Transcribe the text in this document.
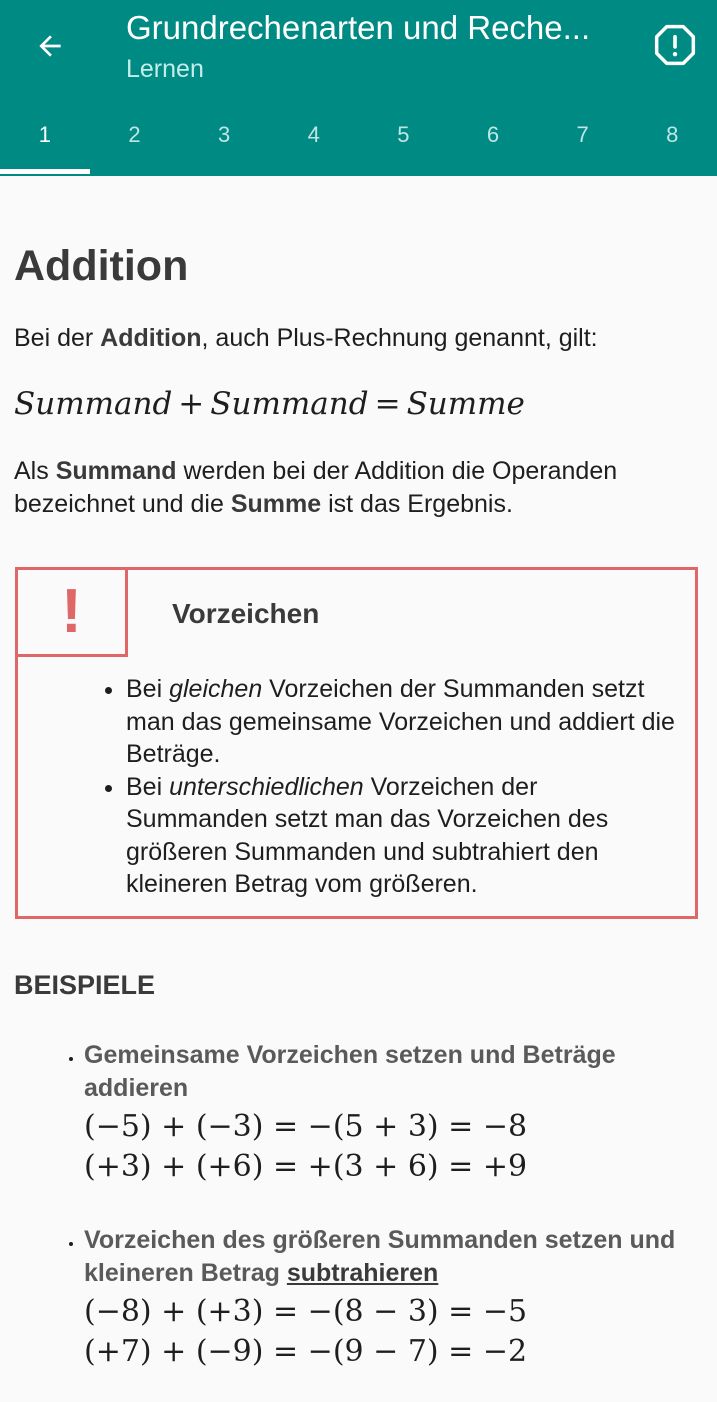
Grundrechenarten und Reche...
Lernen
1	2	3	4	5	6	7	8
Addition
Bei der Addition, auch Plus-Rechnung genannt, gilt:
Summand + Summand = Summe
Als Summand werden bei der Addition die Operanden bezeichnet und die Summe ist das Ergebnis.
!	Vorzeichen
• Bei gleichen Vorzeichen der Summanden setzt man das gemeinsame Vorzeichen und addiert die Beträge.
• Bei unterschiedlichen Vorzeichen der Summanden setzt man das Vorzeichen des größeren Summanden und subtrahiert den kleineren Betrag vom größeren.
BEISPIELE
• Gemeinsame Vorzeichen setzen und Beträge addieren
(−5) + (−3) = −(5 + 3) = −8
(+3) + (+6) = +(3 + 6) = +9
• Vorzeichen des größeren Summanden setzen und kleineren Betrag subtrahieren
(−8) + (+3) = −(8 − 3) = −5
(+7) + (−9) = −(9 − 7) = −2
